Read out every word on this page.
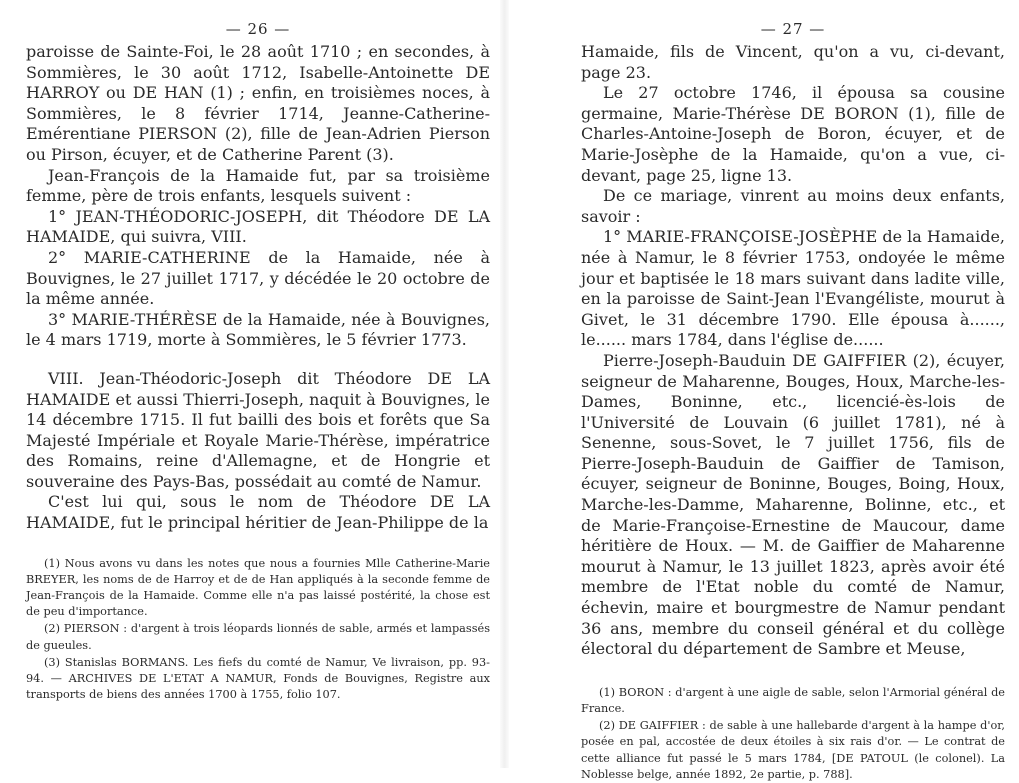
— 26 —

paroisse de Sainte-Foi, le 28 août 1710 ; en secondes, à Sommières, le 30 août 1712, Isabelle-Antoinette DE HARROY ou DE HAN (1) ; enfin, en troisièmes noces, à Sommières, le 8 février 1714, Jeanne-Catherine-Emérentiane PIERSON (2), fille de Jean-Adrien Pierson ou Pirson, écuyer, et de Catherine Parent (3).

Jean-François de la Hamaide fut, par sa troisième femme, père de trois enfants, lesquels suivent :

1° JEAN-THÉODORIC-JOSEPH, dit Théodore DE LA HAMAIDE, qui suivra, VIII.

2° MARIE-CATHERINE de la Hamaide, née à Bouvignes, le 27 juillet 1717, y décédée le 20 octobre de la même année.

3° MARIE-THÉRÈSE de la Hamaide, née à Bouvignes, le 4 mars 1719, morte à Sommières, le 5 février 1773.

VIII. Jean-Théodoric-Joseph dit Théodore DE LA HAMAIDE et aussi Thierri-Joseph, naquit à Bouvignes, le 14 décembre 1715. Il fut bailli des bois et forêts que Sa Majesté Impériale et Royale Marie-Thérèse, impératrice des Romains, reine d'Allemagne, et de Hongrie et souveraine des Pays-Bas, possédait au comté de Namur.

C'est lui qui, sous le nom de Théodore DE LA HAMAIDE, fut le principal héritier de Jean-Philippe de la

(1) Nous avons vu dans les notes que nous a fournies Mlle Catherine-Marie BREYER, les noms de de Harroy et de de Han appliqués à la seconde femme de Jean-François de la Hamaide. Comme elle n'a pas laissé postérité, la chose est de peu d'importance.

(2) PIERSON : d'argent à trois léopards lionnés de sable, armés et lampassés de gueules.

(3) Stanislas BORMANS. Les fiefs du comté de Namur, Ve livraison, pp. 93-94. — ARCHIVES DE L'ETAT A NAMUR, Fonds de Bouvignes, Registre aux transports de biens des années 1700 à 1755, folio 107.

— 27 —

Hamaide, fils de Vincent, qu'on a vu, ci-devant, page 23.

Le 27 octobre 1746, il épousa sa cousine germaine, Marie-Thérèse DE BORON (1), fille de Charles-Antoine-Joseph de Boron, écuyer, et de Marie-Josèphe de la Hamaide, qu'on a vue, ci-devant, page 25, ligne 13.

De ce mariage, vinrent au moins deux enfants, savoir :

1° MARIE-FRANÇOISE-JOSÈPHE de la Hamaide, née à Namur, le 8 février 1753, ondoyée le même jour et baptisée le 18 mars suivant dans ladite ville, en la paroisse de Saint-Jean l'Evangéliste, mourut à Givet, le 31 décembre 1790. Elle épousa à......, le...... mars 1784, dans l'église de......

Pierre-Joseph-Bauduin DE GAIFFIER (2), écuyer, seigneur de Maharenne, Bouges, Houx, Marche-les-Dames, Boninne, etc., licencié-ès-lois de l'Université de Louvain (6 juillet 1781), né à Senenne, sous-Sovet, le 7 juillet 1756, fils de Pierre-Joseph-Bauduin de Gaiffier de Tamison, écuyer, seigneur de Boninne, Bouges, Boing, Houx, Marche-les-Damme, Maharenne, Bolinne, etc., et de Marie-Françoise-Ernestine de Maucour, dame héritière de Houx. — M. de Gaiffier de Maharenne mourut à Namur, le 13 juillet 1823, après avoir été membre de l'Etat noble du comté de Namur, échevin, maire et bourgmestre de Namur pendant 36 ans, membre du conseil général et du collège électoral du département de Sambre et Meuse,

(1) BORON : d'argent à une aigle de sable, selon l'Armorial général de France.

(2) DE GAIFFIER : de sable à une hallebarde d'argent à la hampe d'or, posée en pal, accostée de deux étoiles à six rais d'or. — Le contrat de cette alliance fut passé le 5 mars 1784, [DE PATOUL (le colonel). La Noblesse belge, année 1892, 2e partie, p. 788].
